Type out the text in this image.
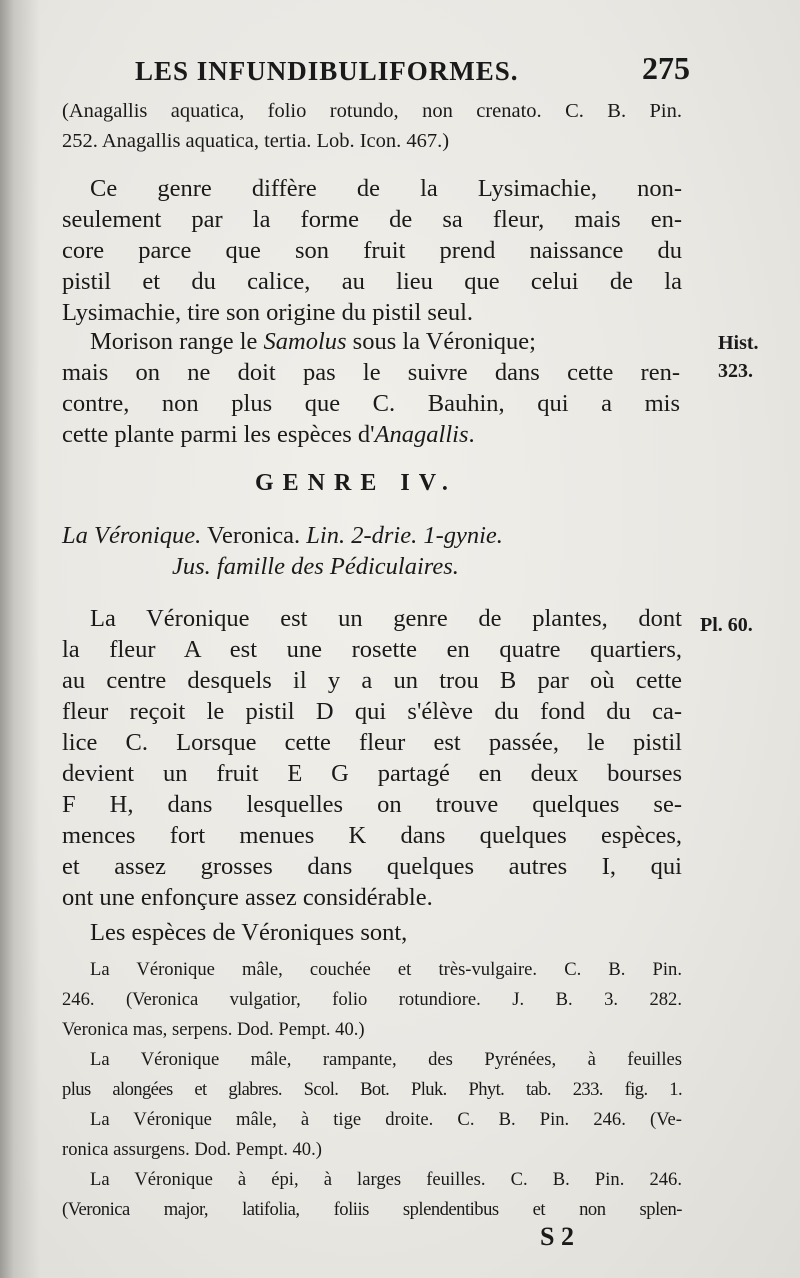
LES INFUNDIBULIFORMES.	275
(Anagallis aquatica, folio rotundo, non crenato. C. B. Pin.
252. Anagallis aquatica, tertia. Lob. Icon. 467.)
Ce genre diffère de la Lysimachie, non-
seulement par la forme de sa fleur, mais en-
core parce que son fruit prend naissance du
pistil et du calice, au lieu que celui de la
Lysimachie, tire son origine du pistil seul.
Morison range le Samolus sous la Véronique;
mais on ne doit pas le suivre dans cette ren-
contre, non plus que C. Bauhin, qui a mis
cette plante parmi les espèces d'Anagallis.
Hist.
323.
GENRE IV.
La Véronique. Veronica. Lin. 2-drie. 1-gynie.
Jus. famille des Pédiculaires.
La Véronique est un genre de plantes, dont
la fleur A est une rosette en quatre quartiers,
au centre desquels il y a un trou B par où cette
fleur reçoit le pistil D qui s'élève du fond du ca-
lice C. Lorsque cette fleur est passée, le pistil
devient un fruit E G partagé en deux bourses
F H, dans lesquelles on trouve quelques se-
mences fort menues K dans quelques espèces,
et assez grosses dans quelques autres I, qui
ont une enfonçure assez considérable.
Pl. 60.
Les espèces de Véroniques sont,
La Véronique mâle, couchée et très-vulgaire. C. B. Pin.
246. (Veronica vulgatior, folio rotundiore. J. B. 3. 282.
Veronica mas, serpens. Dod. Pempt. 40.)
La Véronique mâle, rampante, des Pyrénées, à feuilles
plus alongées et glabres. Scol. Bot. Pluk. Phyt. tab. 233. fig. 1.
La Véronique mâle, à tige droite. C. B. Pin. 246. (Ve-
ronica assurgens. Dod. Pempt. 40.)
La Véronique à épi, à larges feuilles. C. B. Pin. 246.
(Veronica major, latifolia, foliis splendentibus et non splen-
S 2
